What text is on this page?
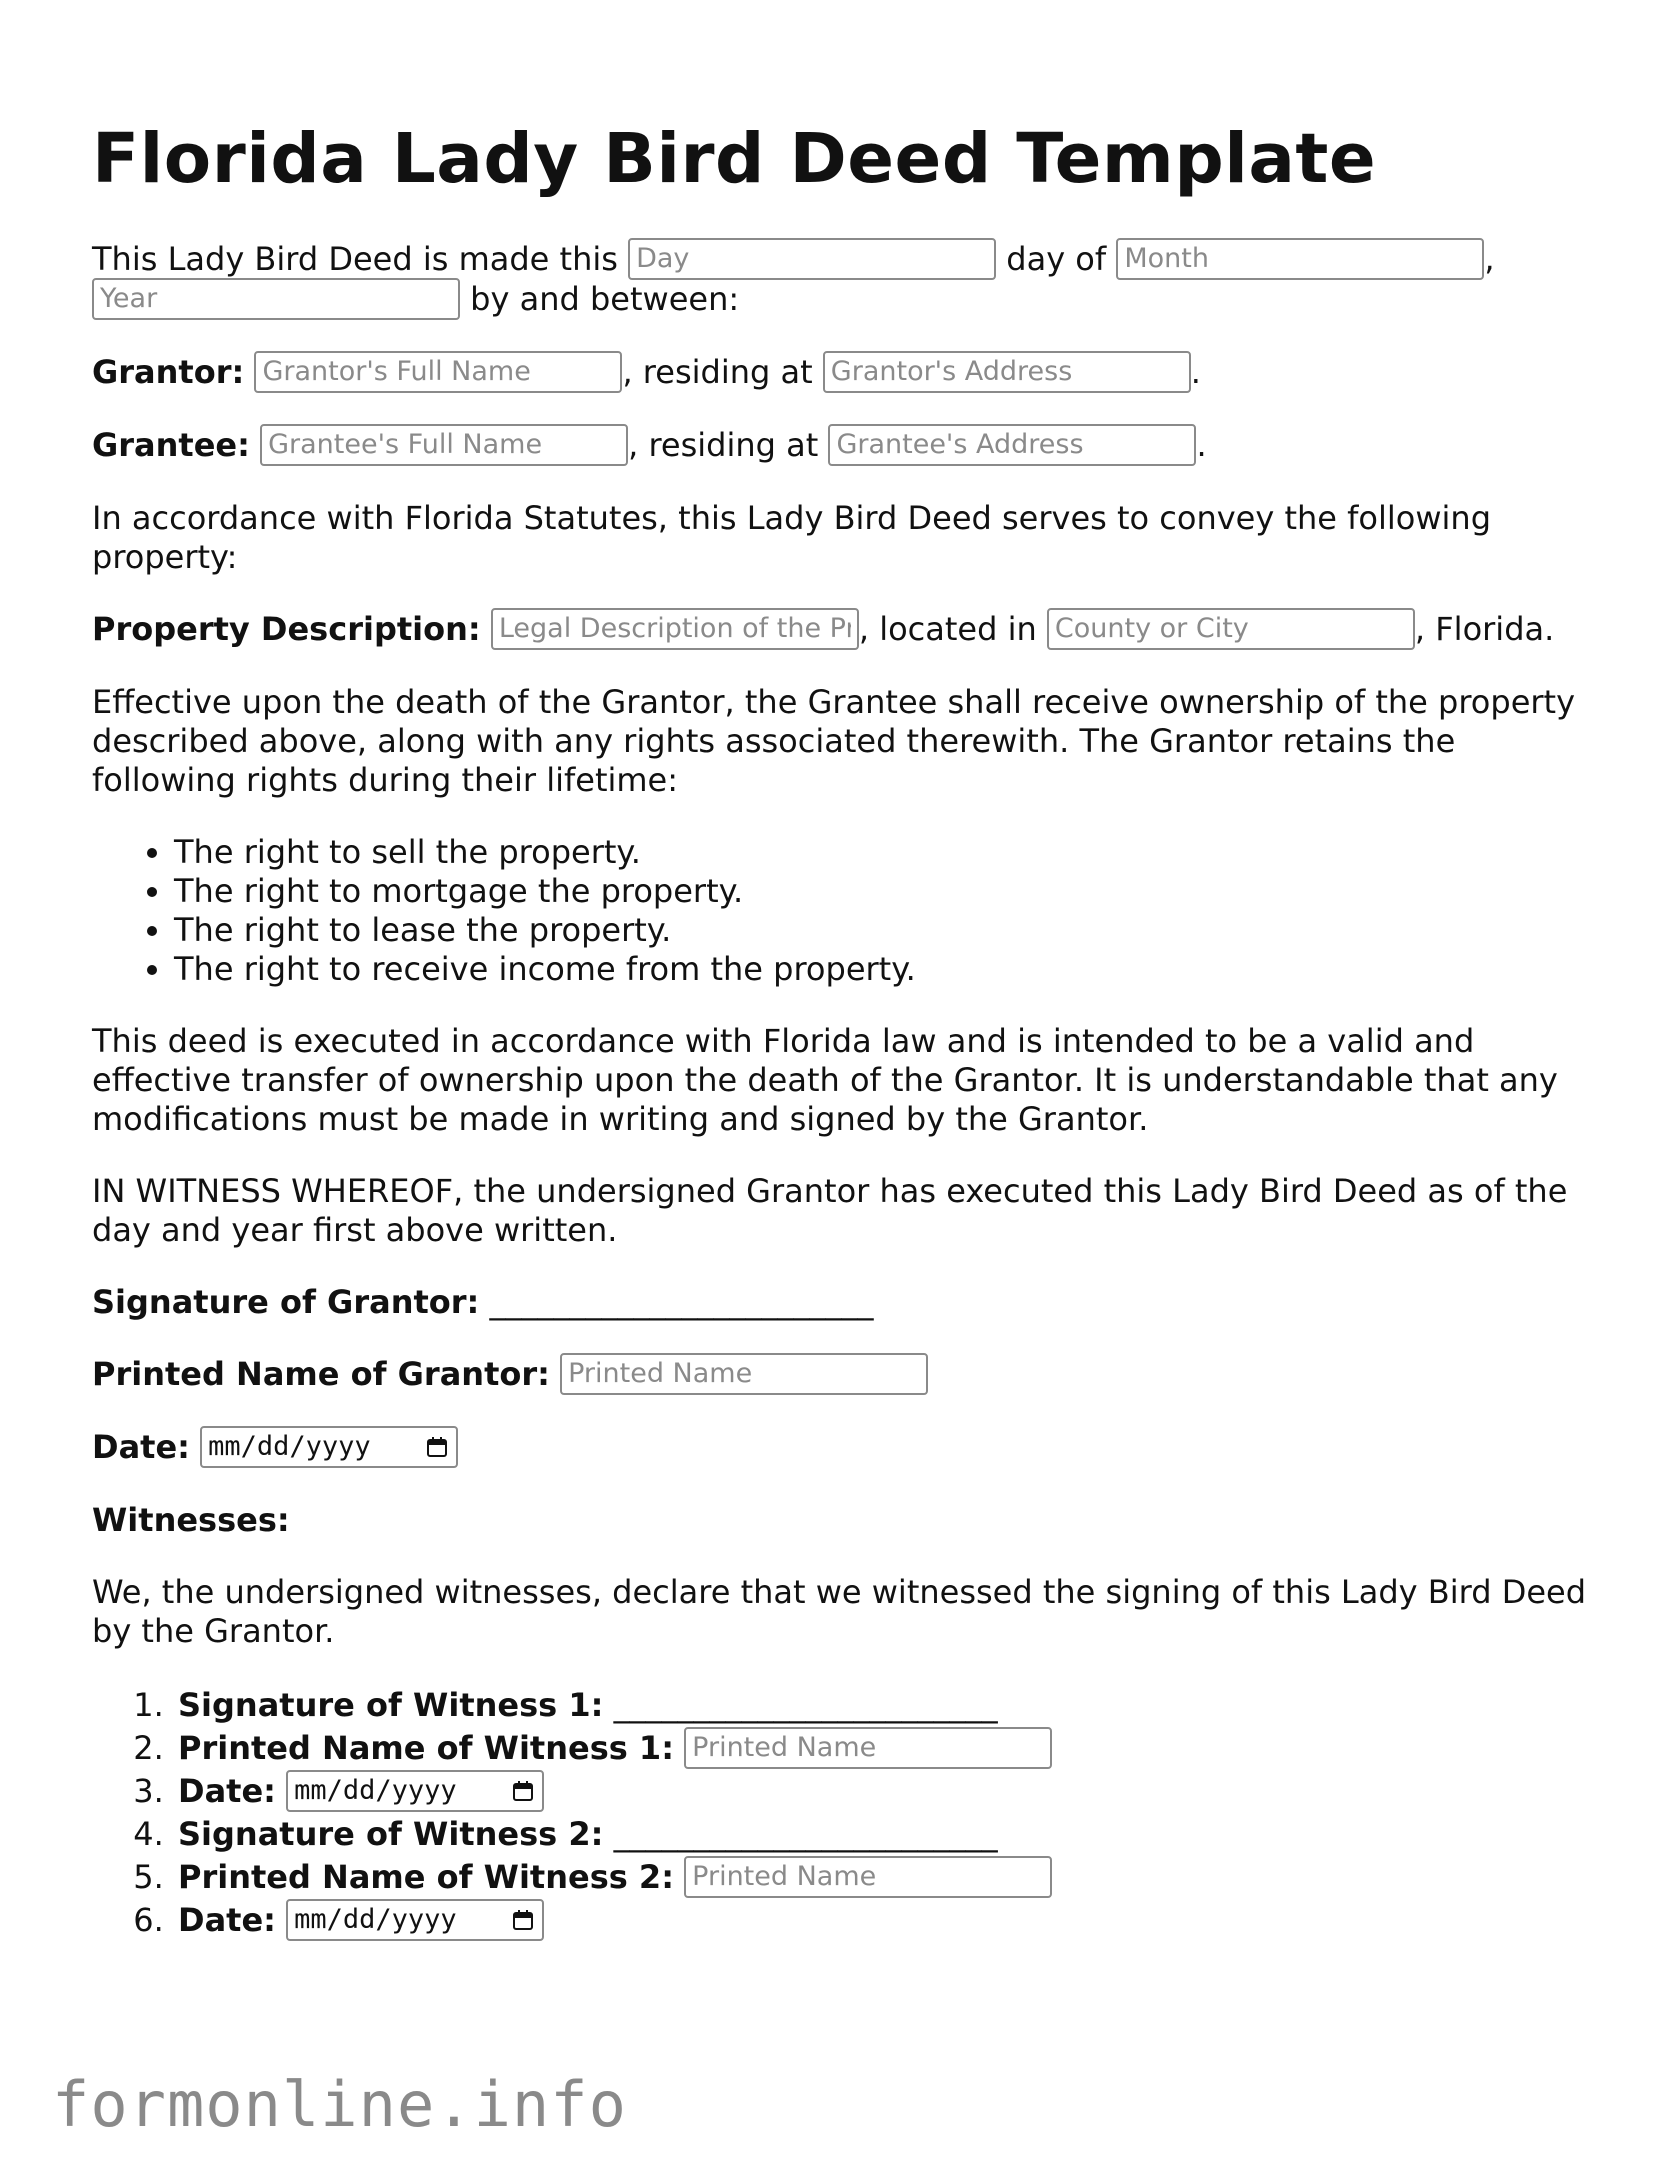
Florida Lady Bird Deed Template

This Lady Bird Deed is made this Day	day of Month	, Year by and between:

Grantor: Grantor's Full Name	, residing at Grantor's Address	.

Grantee: Grantee's Full Name	, residing at Grantee's Address	.

In accordance with Florida Statutes, this Lady Bird Deed serves to convey the following property:

Property Description: Legal Description of the Property	, located in County or City	, Florida.

Effective upon the death of the Grantor, the Grantee shall receive ownership of the property described above, along with any rights associated therewith. The Grantor retains the following rights during their lifetime:

• The right to sell the property.
• The right to mortgage the property.
• The right to lease the property.
• The right to receive income from the property.

This deed is executed in accordance with Florida law and is intended to be a valid and effective transfer of ownership upon the death of the Grantor. It is understandable that any modifications must be made in writing and signed by the Grantor.

IN WITNESS WHEREOF, the undersigned Grantor has executed this Lady Bird Deed as of the day and year first above written.

Signature of Grantor: ________________________

Printed Name of Grantor: Printed Name

Date: mm/dd/yyyy

Witnesses:

We, the undersigned witnesses, declare that we witnessed the signing of this Lady Bird Deed by the Grantor.

1. Signature of Witness 1: ________________________
2. Printed Name of Witness 1: Printed Name
3. Date: mm/dd/yyyy
4. Signature of Witness 2: ________________________
5. Printed Name of Witness 2: Printed Name
6. Date: mm/dd/yyyy
formonline.info
